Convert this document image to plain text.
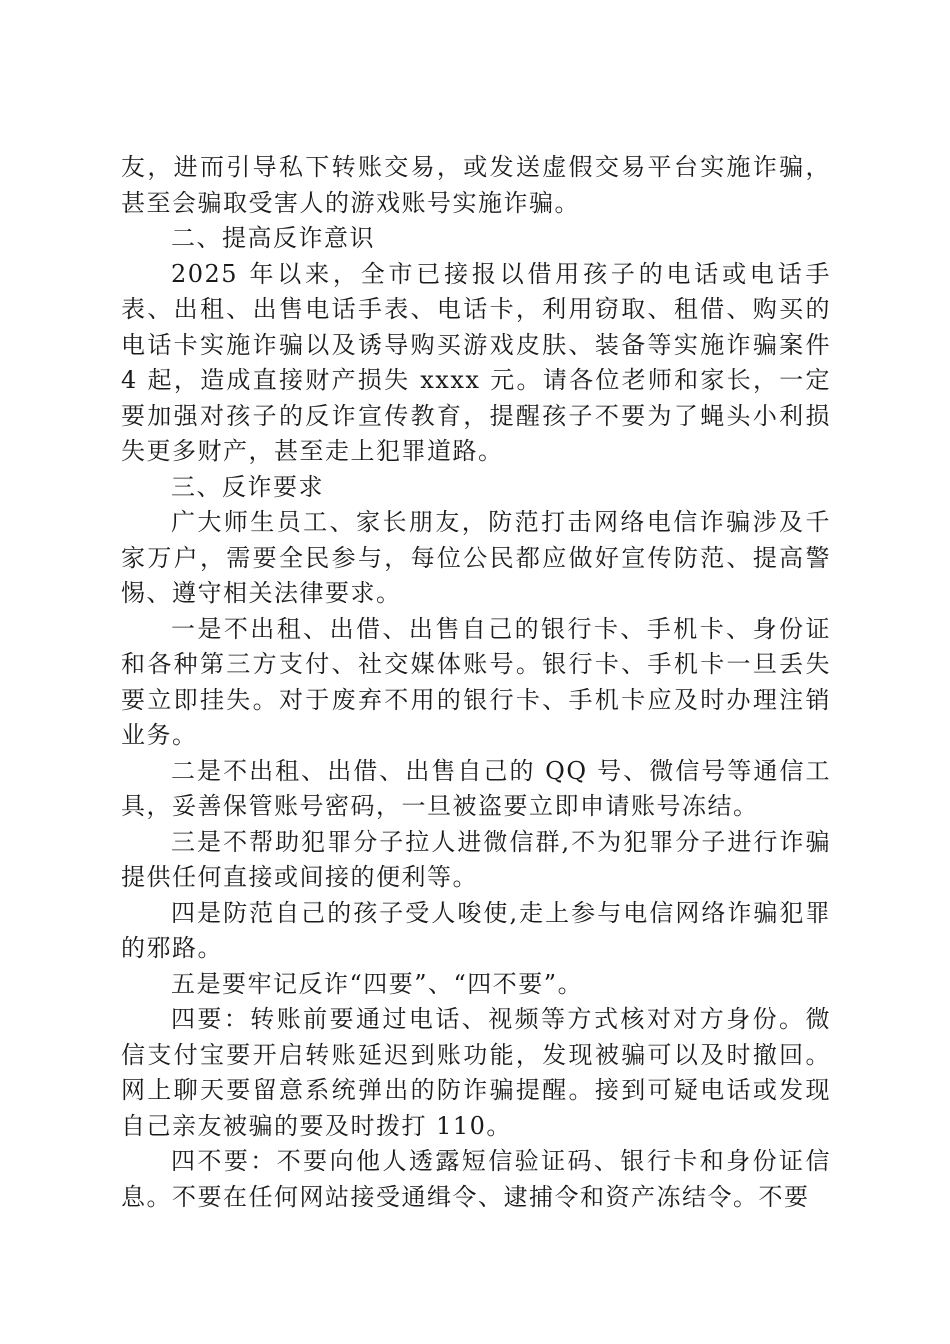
友，进而引导私下转账交易，或发送虚假交易平台实施诈骗，甚至会骗取受害人的游戏账号实施诈骗。

二、提高反诈意识

2025 年以来，全市已接报以借用孩子的电话或电话手表、出租、出售电话手表、电话卡，利用窃取、租借、购买的电话卡实施诈骗以及诱导购买游戏皮肤、装备等实施诈骗案件 4 起，造成直接财产损失 xxxx 元。请各位老师和家长，一定要加强对孩子的反诈宣传教育，提醒孩子不要为了蝇头小利损失更多财产，甚至走上犯罪道路。

三、反诈要求

广大师生员工、家长朋友，防范打击网络电信诈骗涉及千家万户，需要全民参与，每位公民都应做好宣传防范、提高警惕、遵守相关法律要求。

一是不出租、出借、出售自己的银行卡、手机卡、身份证和各种第三方支付、社交媒体账号。银行卡、手机卡一旦丢失要立即挂失。对于废弃不用的银行卡、手机卡应及时办理注销业务。

二是不出租、出借、出售自己的 QQ 号、微信号等通信工具，妥善保管账号密码，一旦被盗要立即申请账号冻结。

三是不帮助犯罪分子拉人进微信群,不为犯罪分子进行诈骗提供任何直接或间接的便利等。

四是防范自己的孩子受人唆使,走上参与电信网络诈骗犯罪的邪路。

五是要牢记反诈“四要”、“四不要”。

四要：转账前要通过电话、视频等方式核对对方身份。微信支付宝要开启转账延迟到账功能，发现被骗可以及时撤回。网上聊天要留意系统弹出的防诈骗提醒。接到可疑电话或发现自己亲友被骗的要及时拨打 110。

四不要：不要向他人透露短信验证码、银行卡和身份证信息。不要在任何网站接受通缉令、逮捕令和资产冻结令。不要
